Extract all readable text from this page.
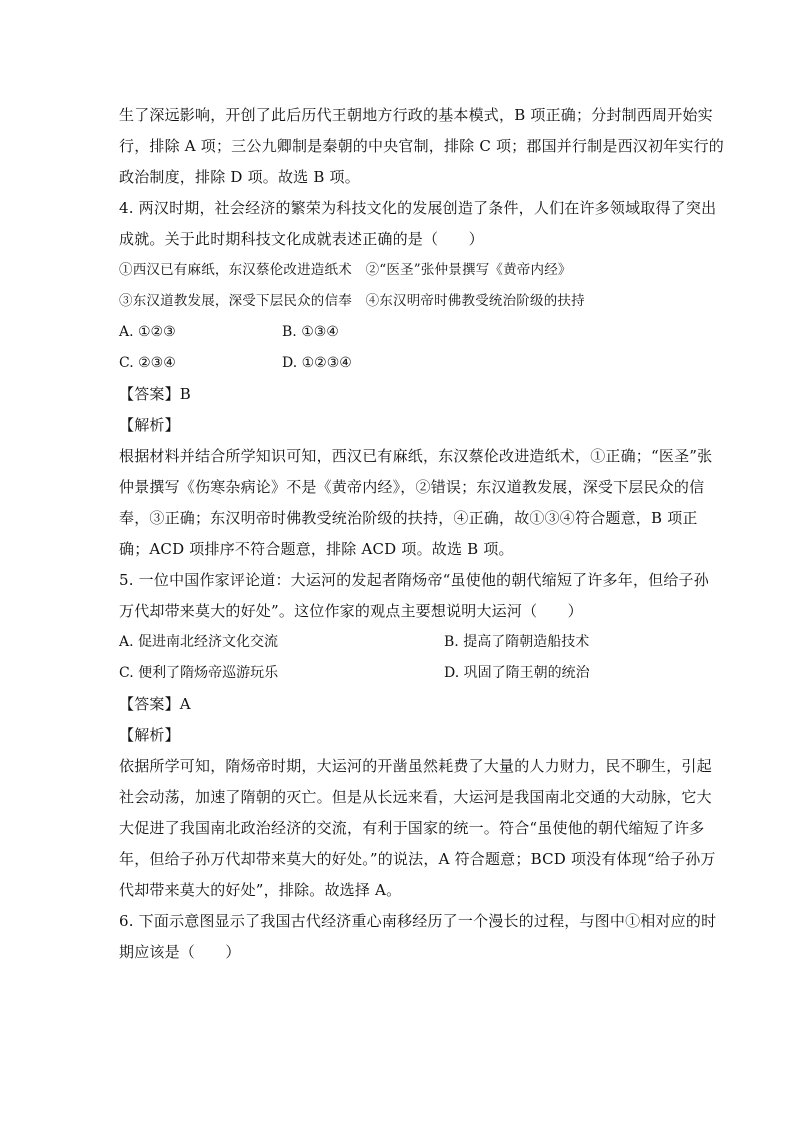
生了深远影响，开创了此后历代王朝地方行政的基本模式，B 项正确；分封制西周开始实
行，排除 A 项；三公九卿制是秦朝的中央官制，排除 C 项；郡国并行制是西汉初年实行的
政治制度，排除 D 项。故选 B 项。
4. 两汉时期，社会经济的繁荣为科技文化的发展创造了条件，人们在许多领域取得了突出
成就。关于此时期科技文化成就表述正确的是（　　）
①西汉已有麻纸，东汉蔡伦改进造纸术　②“医圣”张仲景撰写《黄帝内经》
③东汉道教发展，深受下层民众的信奉　④东汉明帝时佛教受统治阶级的扶持
A. ①②③	B. ①③④
C. ②③④	D. ①②③④
【答案】B
【解析】
根据材料并结合所学知识可知，西汉已有麻纸，东汉蔡伦改进造纸术，①正确；“医圣”张
仲景撰写《伤寒杂病论》不是《黄帝内经》，②错误；东汉道教发展，深受下层民众的信
奉，③正确；东汉明帝时佛教受统治阶级的扶持，④正确，故①③④符合题意，B 项正
确；ACD 项排序不符合题意，排除 ACD 项。故选 B 项。
5. 一位中国作家评论道：大运河的发起者隋炀帝“虽使他的朝代缩短了许多年，但给子孙
万代却带来莫大的好处”。这位作家的观点主要想说明大运河（　　）
A. 促进南北经济文化交流	B. 提高了隋朝造船技术
C. 便利了隋炀帝巡游玩乐	D. 巩固了隋王朝的统治
【答案】A
【解析】
依据所学可知，隋炀帝时期，大运河的开凿虽然耗费了大量的人力财力，民不聊生，引起
社会动荡，加速了隋朝的灭亡。但是从长远来看，大运河是我国南北交通的大动脉，它大
大促进了我国南北政治经济的交流，有利于国家的统一。符合“虽使他的朝代缩短了许多
年，但给子孙万代却带来莫大的好处。”的说法，A 符合题意；BCD 项没有体现“给子孙万
代却带来莫大的好处”，排除。故选择 A。
6. 下面示意图显示了我国古代经济重心南移经历了一个漫长的过程，与图中①相对应的时
期应该是（　　）
